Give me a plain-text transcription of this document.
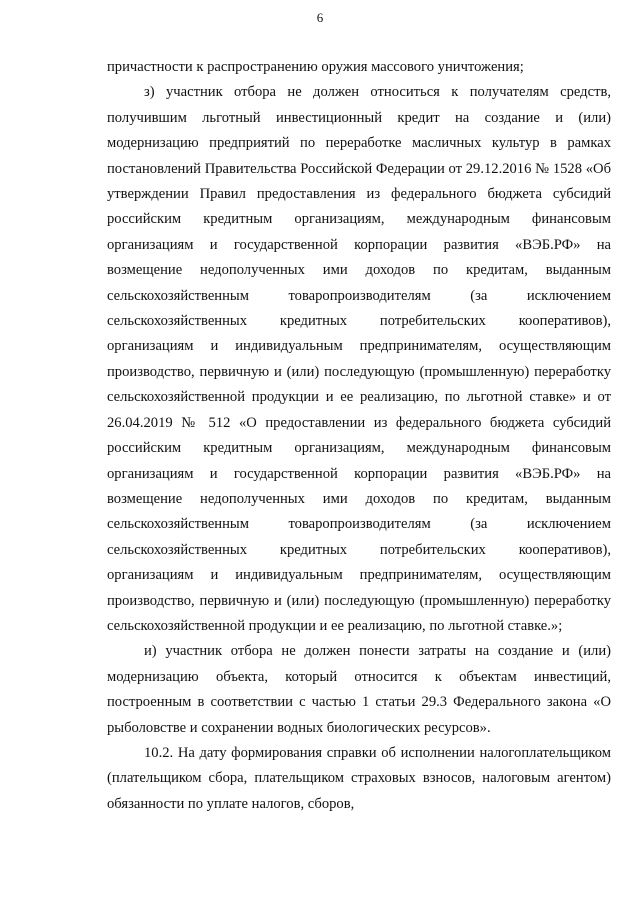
6

причастности к распространению оружия массового уничтожения;

з) участник отбора не должен относиться к получателям средств, получившим льготный инвестиционный кредит на создание и (или) модернизацию предприятий по переработке масличных культур в рамках постановлений Правительства Российской Федерации от 29.12.2016 № 1528 «Об утверждении Правил предоставления из федерального бюджета субсидий российским кредитным организациям, международным финансовым организациям и государственной корпорации развития «ВЭБ.РФ» на возмещение недополученных ими доходов по кредитам, выданным сельскохозяйственным товаропроизводителям (за исключением сельскохозяйственных кредитных потребительских кооперативов), организациям и индивидуальным предпринимателям, осуществляющим производство, первичную и (или) последующую (промышленную) переработку сельскохозяйственной продукции и ее реализацию, по льготной ставке» и от 26.04.2019 № 512 «О предоставлении из федерального бюджета субсидий российским кредитным организациям, международным финансовым организациям и государственной корпорации развития «ВЭБ.РФ» на возмещение недополученных ими доходов по кредитам, выданным сельскохозяйственным товаропроизводителям (за исключением сельскохозяйственных кредитных потребительских кооперативов), организациям и индивидуальным предпринимателям, осуществляющим производство, первичную и (или) последующую (промышленную) переработку сельскохозяйственной продукции и ее реализацию, по льготной ставке.»;

и) участник отбора не должен понести затраты на создание и (или) модернизацию объекта, который относится к объектам инвестиций, построенным в соответствии с частью 1 статьи 29.3 Федерального закона «О рыболовстве и сохранении водных биологических ресурсов».

10.2. На дату формирования справки об исполнении налогоплательщиком (плательщиком сбора, плательщиком страховых взносов, налоговым агентом) обязанности по уплате налогов, сборов,
